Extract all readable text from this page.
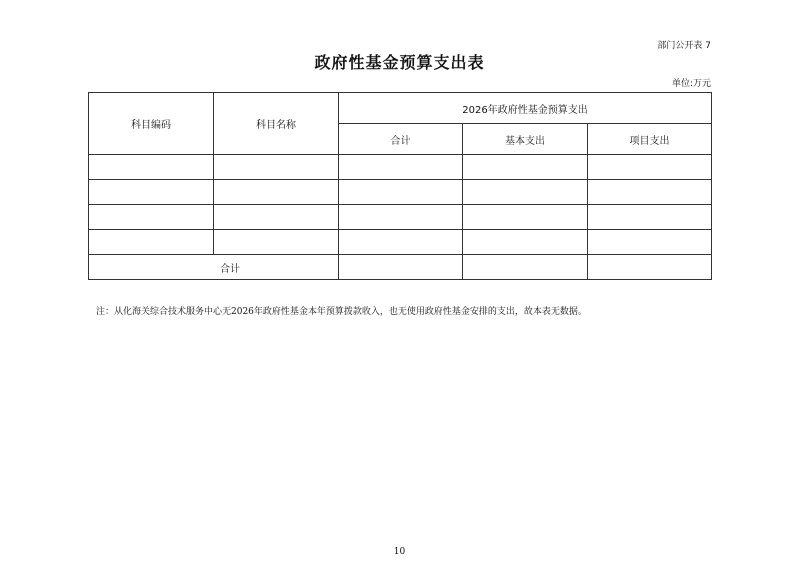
部门公开表 7
政府性基金预算支出表
单位:万元
科目编码	科目名称	2026年政府性基金预算支出		
		合计	基本支出	项目支出

合计				
注：从化海关综合技术服务中心无2026年政府性基金本年预算拨款收入，也无使用政府性基金安排的支出，故本表无数据。
10
